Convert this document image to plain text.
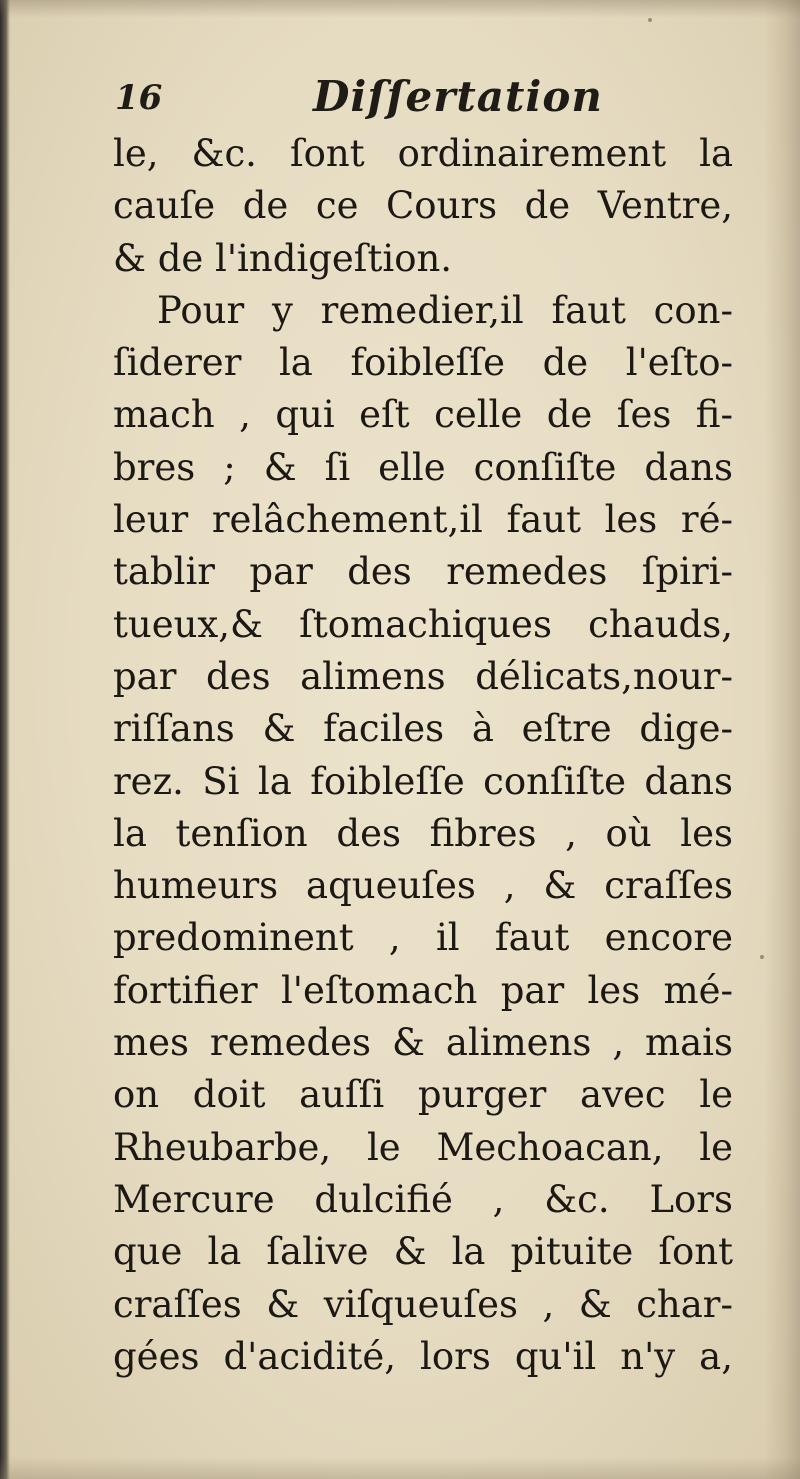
16	Diſſertation
le, &c. ſont ordinairement la
cauſe de ce Cours de Ventre,
& de l'indigeſtion.
Pour y remedier,il faut con-
ſiderer la foibleſſe de l'eſto-
mach , qui eſt celle de ſes fi-
bres ; & ſi elle conſiſte dans
leur relâchement,il faut les ré-
tablir par des remedes ſpiri-
tueux,& ſtomachiques chauds,
par des alimens délicats,nour-
riſſans & faciles à eſtre dige-
rez. Si la foibleſſe conſiſte dans
la tenſion des fibres , où les
humeurs aqueuſes , & craſſes
predominent , il faut encore
fortifier l'eſtomach par les mé-
mes remedes & alimens , mais
on doit auſſi purger avec le
Rheubarbe, le Mechoacan, le
Mercure dulcifié , &c. Lors
que la ſalive & la pituite ſont
craſſes & viſqueuſes , & char-
gées d'acidité, lors qu'il n'y a,
